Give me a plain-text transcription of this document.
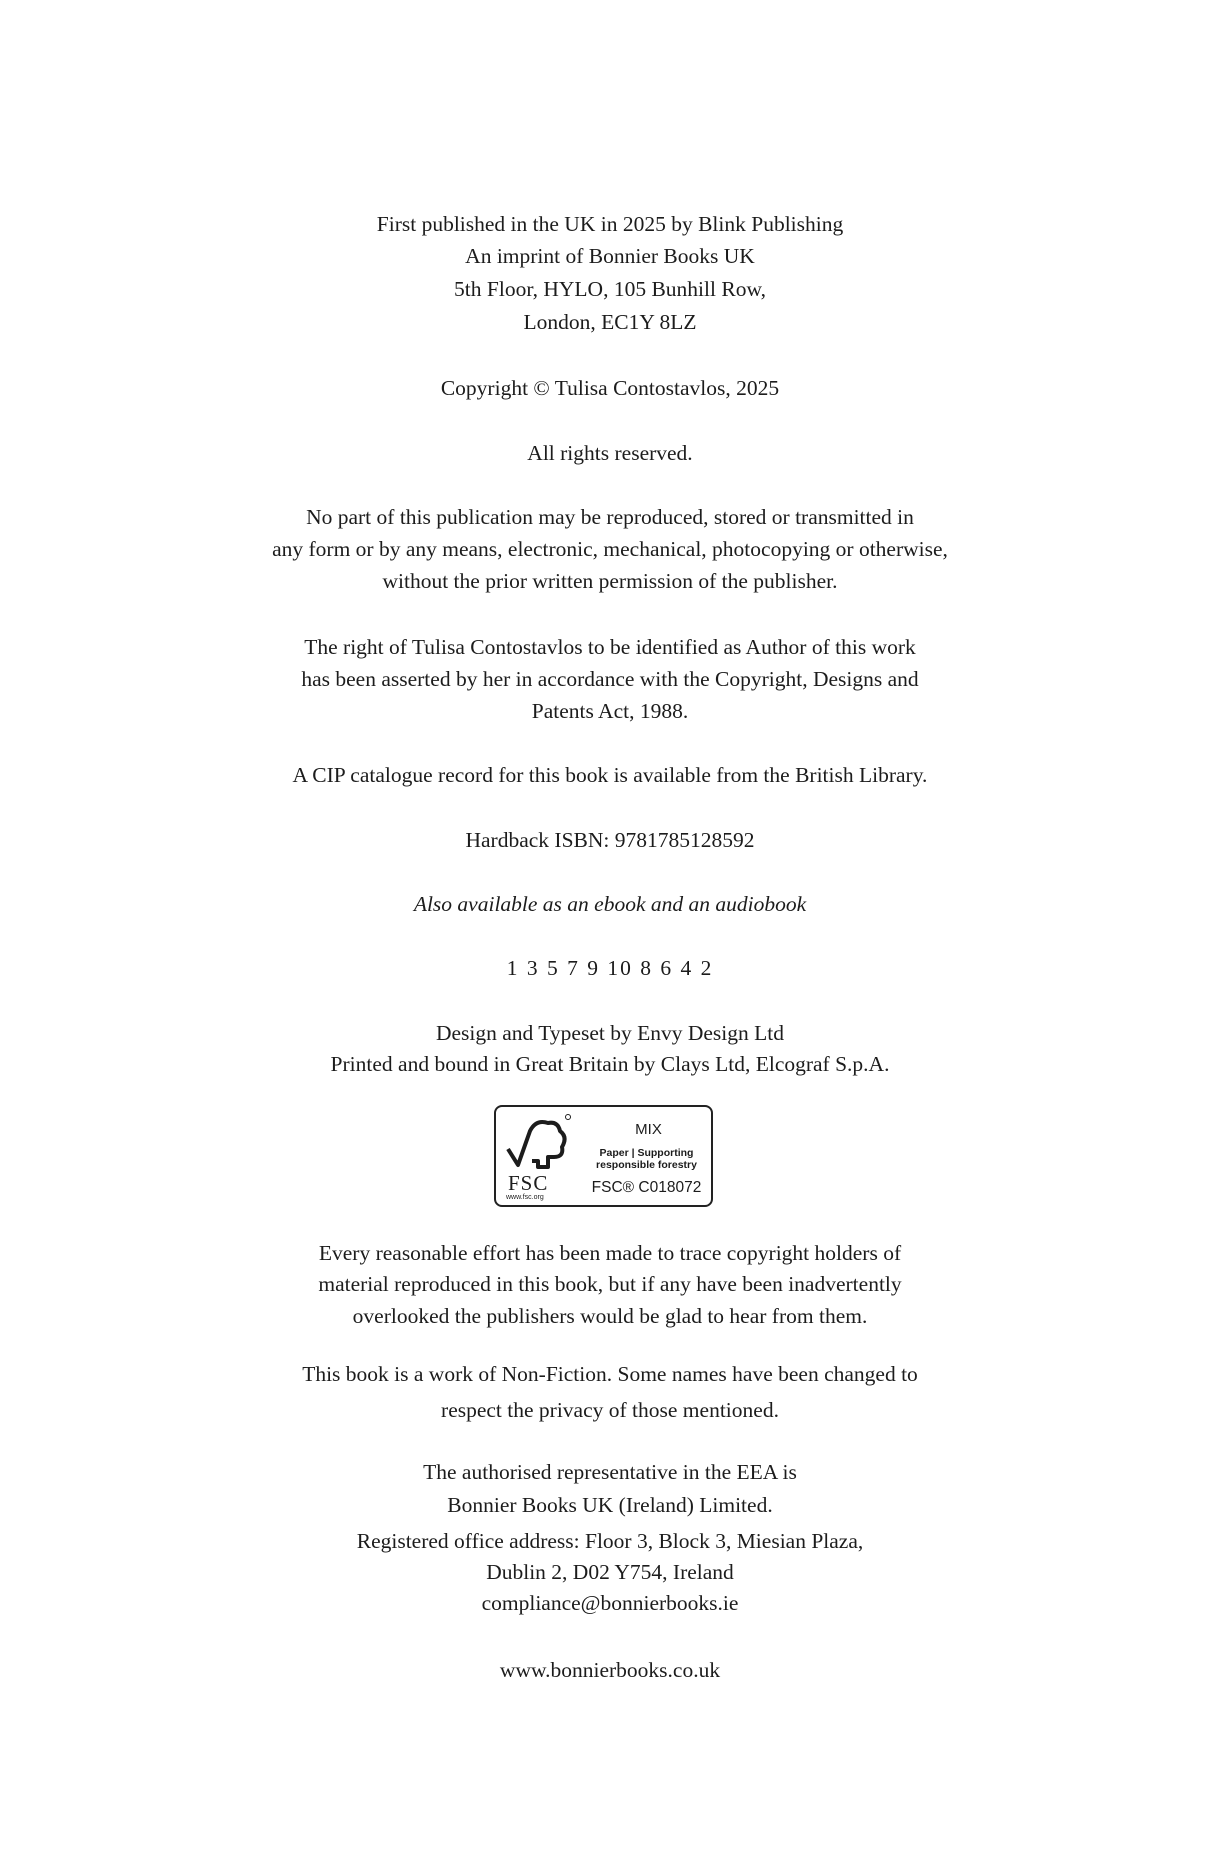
First published in the UK in 2025 by Blink Publishing
An imprint of Bonnier Books UK
5th Floor, HYLO, 105 Bunhill Row,
London, EC1Y 8LZ
Copyright © Tulisa Contostavlos, 2025
All rights reserved.
No part of this publication may be reproduced, stored or transmitted in
any form or by any means, electronic, mechanical, photocopying or otherwise,
without the prior written permission of the publisher.
The right of Tulisa Contostavlos to be identified as Author of this work
has been asserted by her in accordance with the Copyright, Designs and
Patents Act, 1988.
A CIP catalogue record for this book is available from the British Library.
Hardback ISBN: 9781785128592
Also available as an ebook and an audiobook
1 3 5 7 9 10 8 6 4 2
Design and Typeset by Envy Design Ltd
Printed and bound in Great Britain by Clays Ltd, Elcograf S.p.A.
FSC
www.fsc.org
MIX
Paper | Supporting
responsible forestry
FSC® C018072
Every reasonable effort has been made to trace copyright holders of
material reproduced in this book, but if any have been inadvertently
overlooked the publishers would be glad to hear from them.
This book is a work of Non-Fiction. Some names have been changed to
respect the privacy of those mentioned.
The authorised representative in the EEA is
Bonnier Books UK (Ireland) Limited.
Registered office address: Floor 3, Block 3, Miesian Plaza,
Dublin 2, D02 Y754, Ireland
compliance@bonnierbooks.ie
www.bonnierbooks.co.uk
